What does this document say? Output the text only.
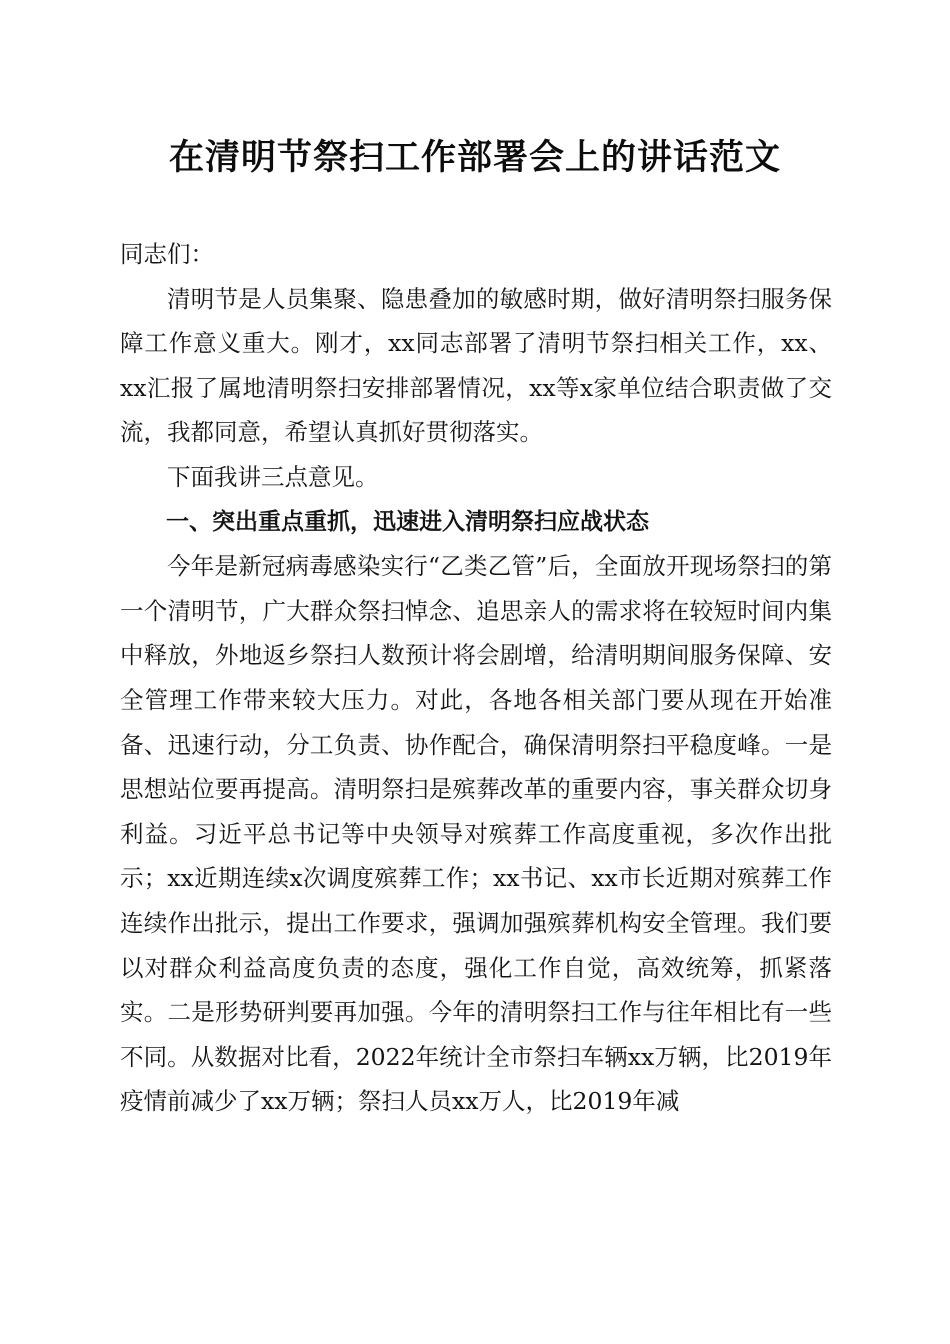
在清明节祭扫工作部署会上的讲话范文

同志们：

清明节是人员集聚、隐患叠加的敏感时期，做好清明祭扫服务保障工作意义重大。刚才，xx同志部署了清明节祭扫相关工作，xx、xx汇报了属地清明祭扫安排部署情况，xx等x家单位结合职责做了交流，我都同意，希望认真抓好贯彻落实。

下面我讲三点意见。

一、突出重点重抓，迅速进入清明祭扫应战状态

今年是新冠病毒感染实行“乙类乙管”后，全面放开现场祭扫的第一个清明节，广大群众祭扫悼念、追思亲人的需求将在较短时间内集中释放，外地返乡祭扫人数预计将会剧增，给清明期间服务保障、安全管理工作带来较大压力。对此，各地各相关部门要从现在开始准备、迅速行动，分工负责、协作配合，确保清明祭扫平稳度峰。一是思想站位要再提高。清明祭扫是殡葬改革的重要内容，事关群众切身利益。习近平总书记等中央领导对殡葬工作高度重视，多次作出批示；xx近期连续x次调度殡葬工作；xx书记、xx市长近期对殡葬工作连续作出批示，提出工作要求，强调加强殡葬机构安全管理。我们要以对群众利益高度负责的态度，强化工作自觉，高效统筹，抓紧落实。二是形势研判要再加强。今年的清明祭扫工作与往年相比有一些不同。从数据对比看，2022年统计全市祭扫车辆xx万辆，比2019年疫情前减少了xx万辆；祭扫人员xx万人，比2019年减
